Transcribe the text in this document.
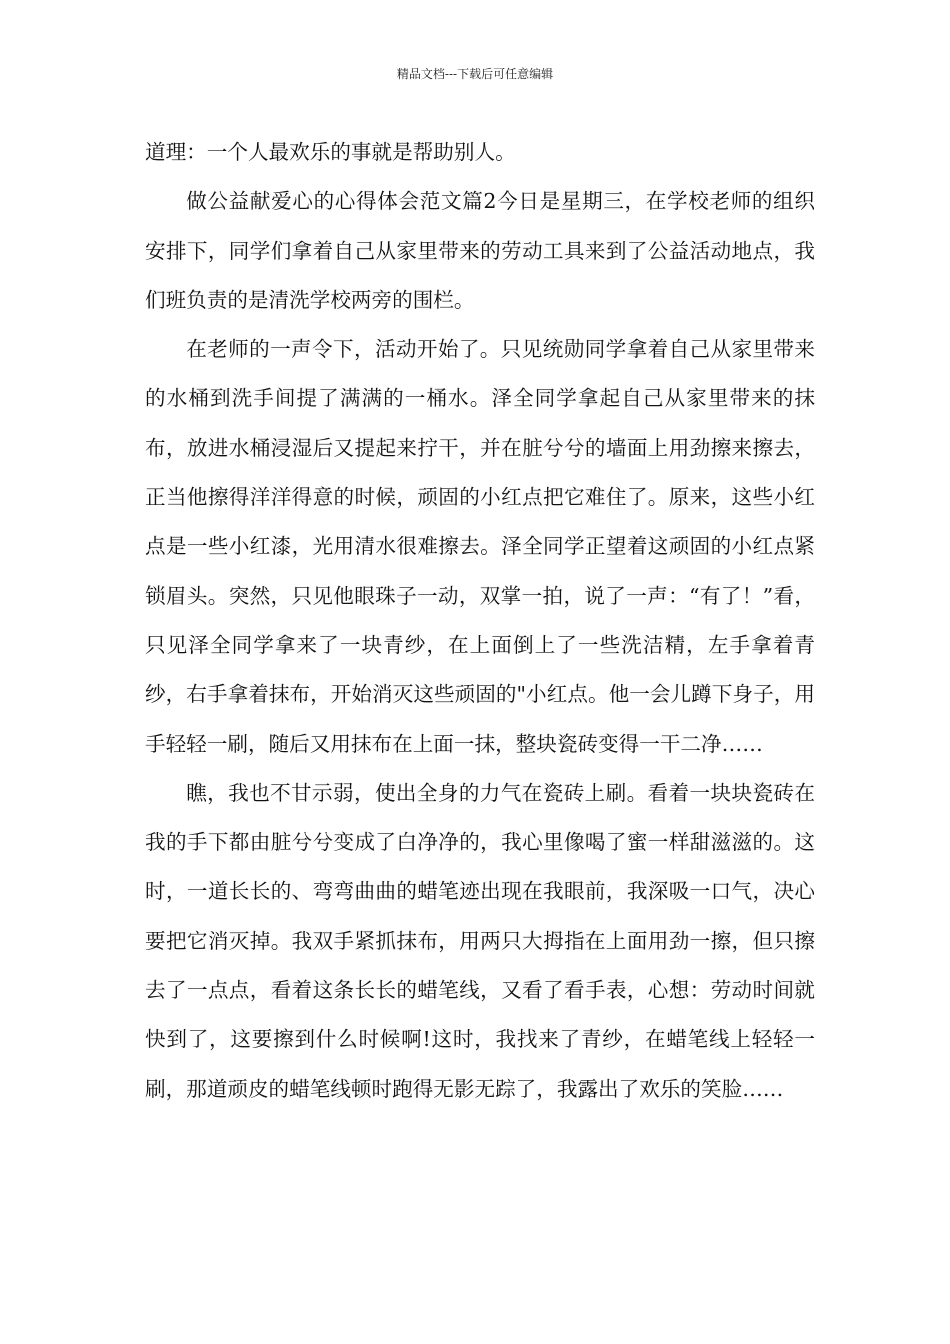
精品文档---下载后可任意编辑

道理：一个人最欢乐的事就是帮助别人。

做公益献爱心的心得体会范文篇2今日是星期三，在学校老师的组织安排下，同学们拿着自己从家里带来的劳动工具来到了公益活动地点，我们班负责的是清洗学校两旁的围栏。

在老师的一声令下，活动开始了。只见统勋同学拿着自己从家里带来的水桶到洗手间提了满满的一桶水。泽全同学拿起自己从家里带来的抹布，放进水桶浸湿后又提起来拧干，并在脏兮兮的墙面上用劲擦来擦去，正当他擦得洋洋得意的时候，顽固的小红点把它难住了。原来，这些小红点是一些小红漆，光用清水很难擦去。泽全同学正望着这顽固的小红点紧锁眉头。突然，只见他眼珠子一动，双掌一拍，说了一声：“有了！”看，只见泽全同学拿来了一块青纱，在上面倒上了一些洗洁精，左手拿着青纱，右手拿着抹布，开始消灭这些顽固的"小红点。他一会儿蹲下身子，用手轻轻一刷，随后又用抹布在上面一抹，整块瓷砖变得一干二净……

瞧，我也不甘示弱，使出全身的力气在瓷砖上刷。看着一块块瓷砖在我的手下都由脏兮兮变成了白净净的，我心里像喝了蜜一样甜滋滋的。这时，一道长长的、弯弯曲曲的蜡笔迹出现在我眼前，我深吸一口气，决心要把它消灭掉。我双手紧抓抹布，用两只大拇指在上面用劲一擦，但只擦去了一点点，看着这条长长的蜡笔线，又看了看手表，心想：劳动时间就快到了，这要擦到什么时候啊!这时，我找来了青纱，在蜡笔线上轻轻一刷，那道顽皮的蜡笔线顿时跑得无影无踪了，我露出了欢乐的笑脸……
